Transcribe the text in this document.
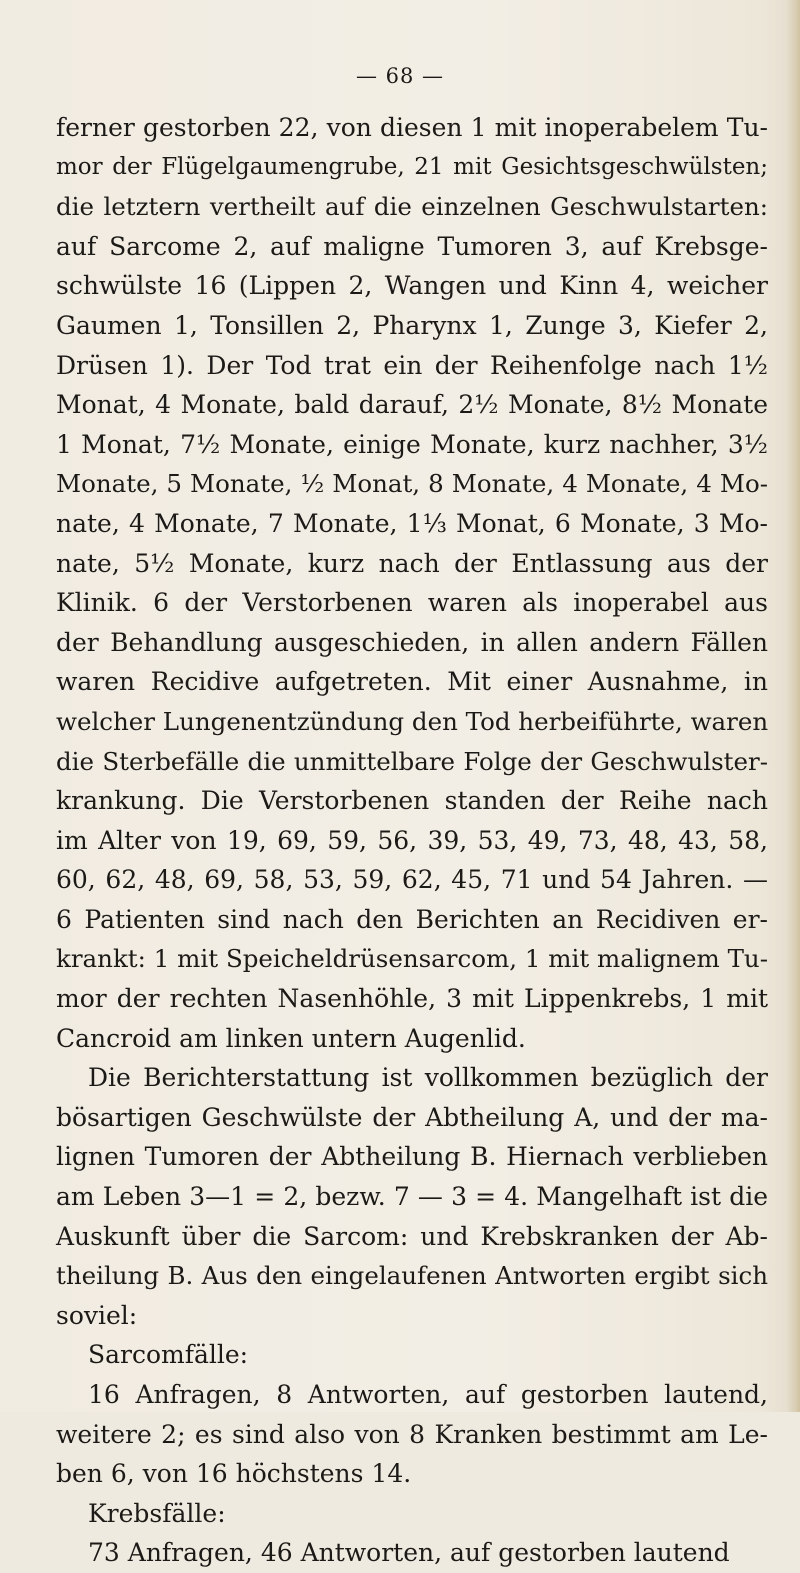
— 68 —
ferner gestorben 22, von diesen 1 mit inoperabelem Tu-
mor der Flügelgaumengrube, 21 mit Gesichtsgeschwülsten;
die letztern vertheilt auf die einzelnen Geschwulstarten:
auf Sarcome 2, auf maligne Tumoren 3, auf Krebsge-
schwülste 16 (Lippen 2, Wangen und Kinn 4, weicher
Gaumen 1, Tonsillen 2, Pharynx 1, Zunge 3, Kiefer 2,
Drüsen 1). Der Tod trat ein der Reihenfolge nach 1½
Monat, 4 Monate, bald darauf, 2½ Monate, 8½ Monate
1 Monat, 7½ Monate, einige Monate, kurz nachher, 3½
Monate, 5 Monate, ½ Monat, 8 Monate, 4 Monate, 4 Mo-
nate, 4 Monate, 7 Monate, 1⅓ Monat, 6 Monate, 3 Mo-
nate, 5½ Monate, kurz nach der Entlassung aus der
Klinik. 6 der Verstorbenen waren als inoperabel aus
der Behandlung ausgeschieden, in allen andern Fällen
waren Recidive aufgetreten. Mit einer Ausnahme, in
welcher Lungenentzündung den Tod herbeiführte, waren
die Sterbefälle die unmittelbare Folge der Geschwulster-
krankung. Die Verstorbenen standen der Reihe nach
im Alter von 19, 69, 59, 56, 39, 53, 49, 73, 48, 43, 58,
60, 62, 48, 69, 58, 53, 59, 62, 45, 71 und 54 Jahren. —
6 Patienten sind nach den Berichten an Recidiven er-
krankt: 1 mit Speicheldrüsensarcom, 1 mit malignem Tu-
mor der rechten Nasenhöhle, 3 mit Lippenkrebs, 1 mit
Cancroid am linken untern Augenlid.
Die Berichterstattung ist vollkommen bezüglich der
bösartigen Geschwülste der Abtheilung A, und der ma-
lignen Tumoren der Abtheilung B. Hiernach verblieben
am Leben 3—1 = 2, bezw. 7 — 3 = 4. Mangelhaft ist die
Auskunft über die Sarcom: und Krebskranken der Ab-
theilung B. Aus den eingelaufenen Antworten ergibt sich
soviel:
Sarcomfälle:
16 Anfragen, 8 Antworten, auf gestorben lautend,
weitere 2; es sind also von 8 Kranken bestimmt am Le-
ben 6, von 16 höchstens 14.
Krebsfälle:
73 Anfragen, 46 Antworten, auf gestorben lautend
